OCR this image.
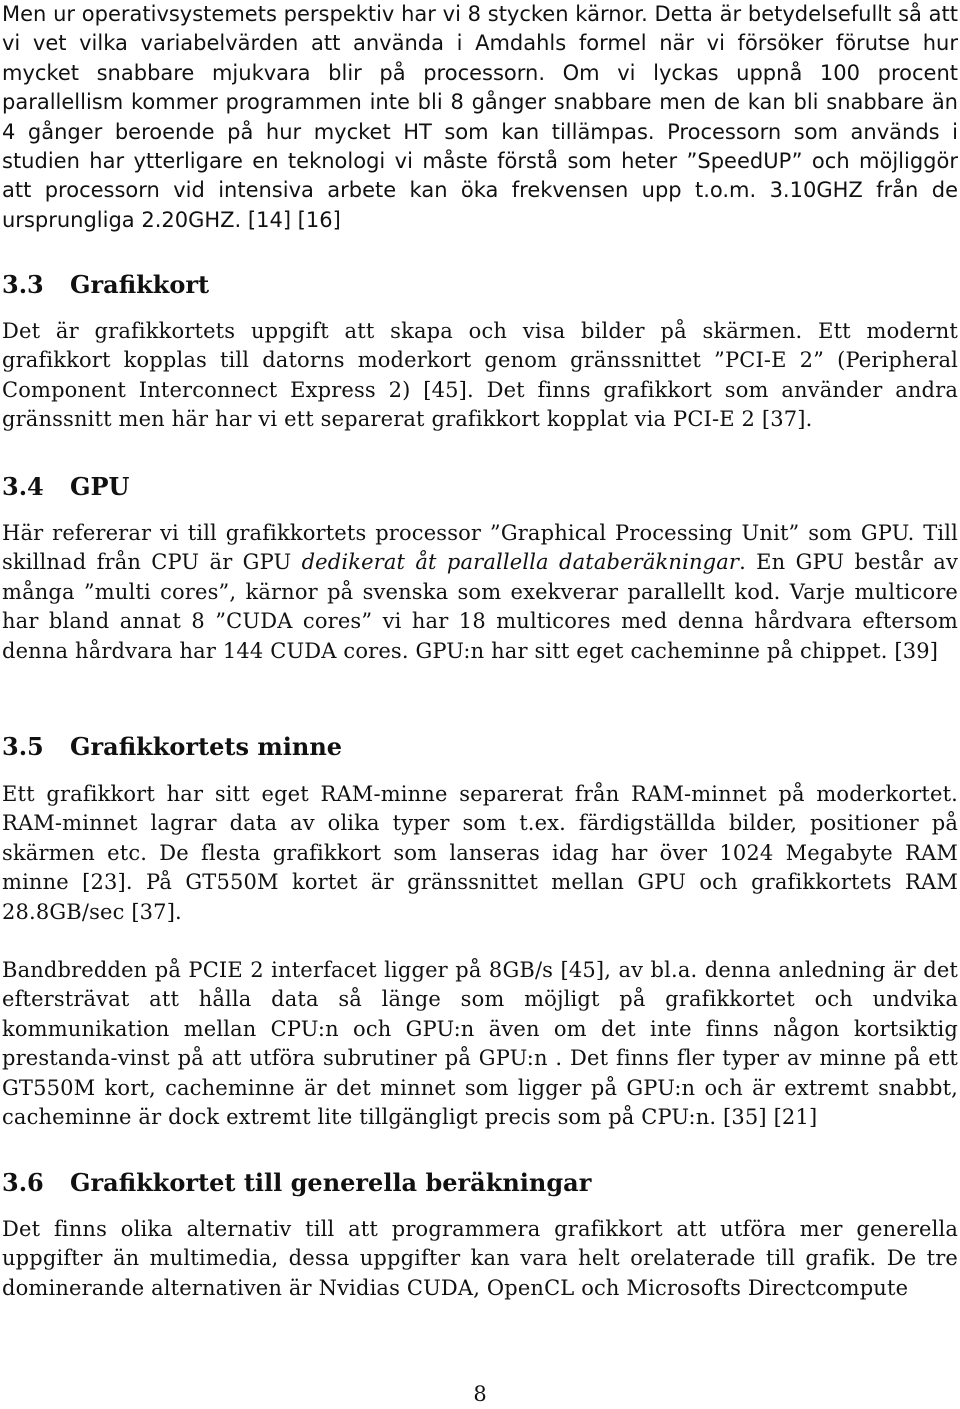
Men ur operativsystemets perspektiv har vi 8 stycken kärnor. Detta är betydelsefullt så att vi vet vilka variabelvärden att använda i Amdahls formel när vi försöker förutse hur mycket snabbare mjukvara blir på processorn. Om vi lyckas uppnå 100 procent parallellism kommer programmen inte bli 8 gånger snabbare men de kan bli snabbare än 4 gånger beroende på hur mycket HT som kan tillämpas. Processorn som används i studien har ytterligare en teknologi vi måste förstå som heter ”SpeedUP” och möjliggör att processorn vid intensiva arbete kan öka frekvensen upp t.o.m. 3.10GHZ från de ursprungliga 2.20GHZ. [14] [16]

3.3 Grafikkort

Det är grafikkortets uppgift att skapa och visa bilder på skärmen. Ett modernt grafikkort kopplas till datorns moderkort genom gränssnittet ”PCI-E 2” (Peripheral Component Interconnect Express 2) [45]. Det finns grafikkort som använder andra gränssnitt men här har vi ett separerat grafikkort kopplat via PCI-E 2 [37].

3.4 GPU

Här refererar vi till grafikkortets processor ”Graphical Processing Unit” som GPU. Till skillnad från CPU är GPU dedikerat åt parallella databeräkningar. En GPU består av många ”multi cores”, kärnor på svenska som exekverar parallellt kod. Varje multicore har bland annat 8 ”CUDA cores” vi har 18 multicores med denna hårdvara eftersom denna hårdvara har 144 CUDA cores. GPU:n har sitt eget cacheminne på chippet. [39]

3.5 Grafikkortets minne

Ett grafikkort har sitt eget RAM-minne separerat från RAM-minnet på moderkortet. RAM-minnet lagrar data av olika typer som t.ex. färdigställda bilder, positioner på skärmen etc. De flesta grafikkort som lanseras idag har över 1024 Megabyte RAM minne [23]. På GT550M kortet är gränssnittet mellan GPU och grafikkortets RAM 28.8GB/sec [37].

Bandbredden på PCIE 2 interfacet ligger på 8GB/s [45], av bl.a. denna anledning är det eftersträvat att hålla data så länge som möjligt på grafikkortet och undvika kommunikation mellan CPU:n och GPU:n även om det inte finns någon kortsiktig prestanda-vinst på att utföra subrutiner på GPU:n . Det finns fler typer av minne på ett GT550M kort, cacheminne är det minnet som ligger på GPU:n och är extremt snabbt, cacheminne är dock extremt lite tillgängligt precis som på CPU:n. [35] [21]

3.6 Grafikkortet till generella beräkningar

Det finns olika alternativ till att programmera grafikkort att utföra mer generella uppgifter än multimedia, dessa uppgifter kan vara helt orelaterade till grafik. De tre dominerande alternativen är Nvidias CUDA, OpenCL och Microsofts Directcompute

8
